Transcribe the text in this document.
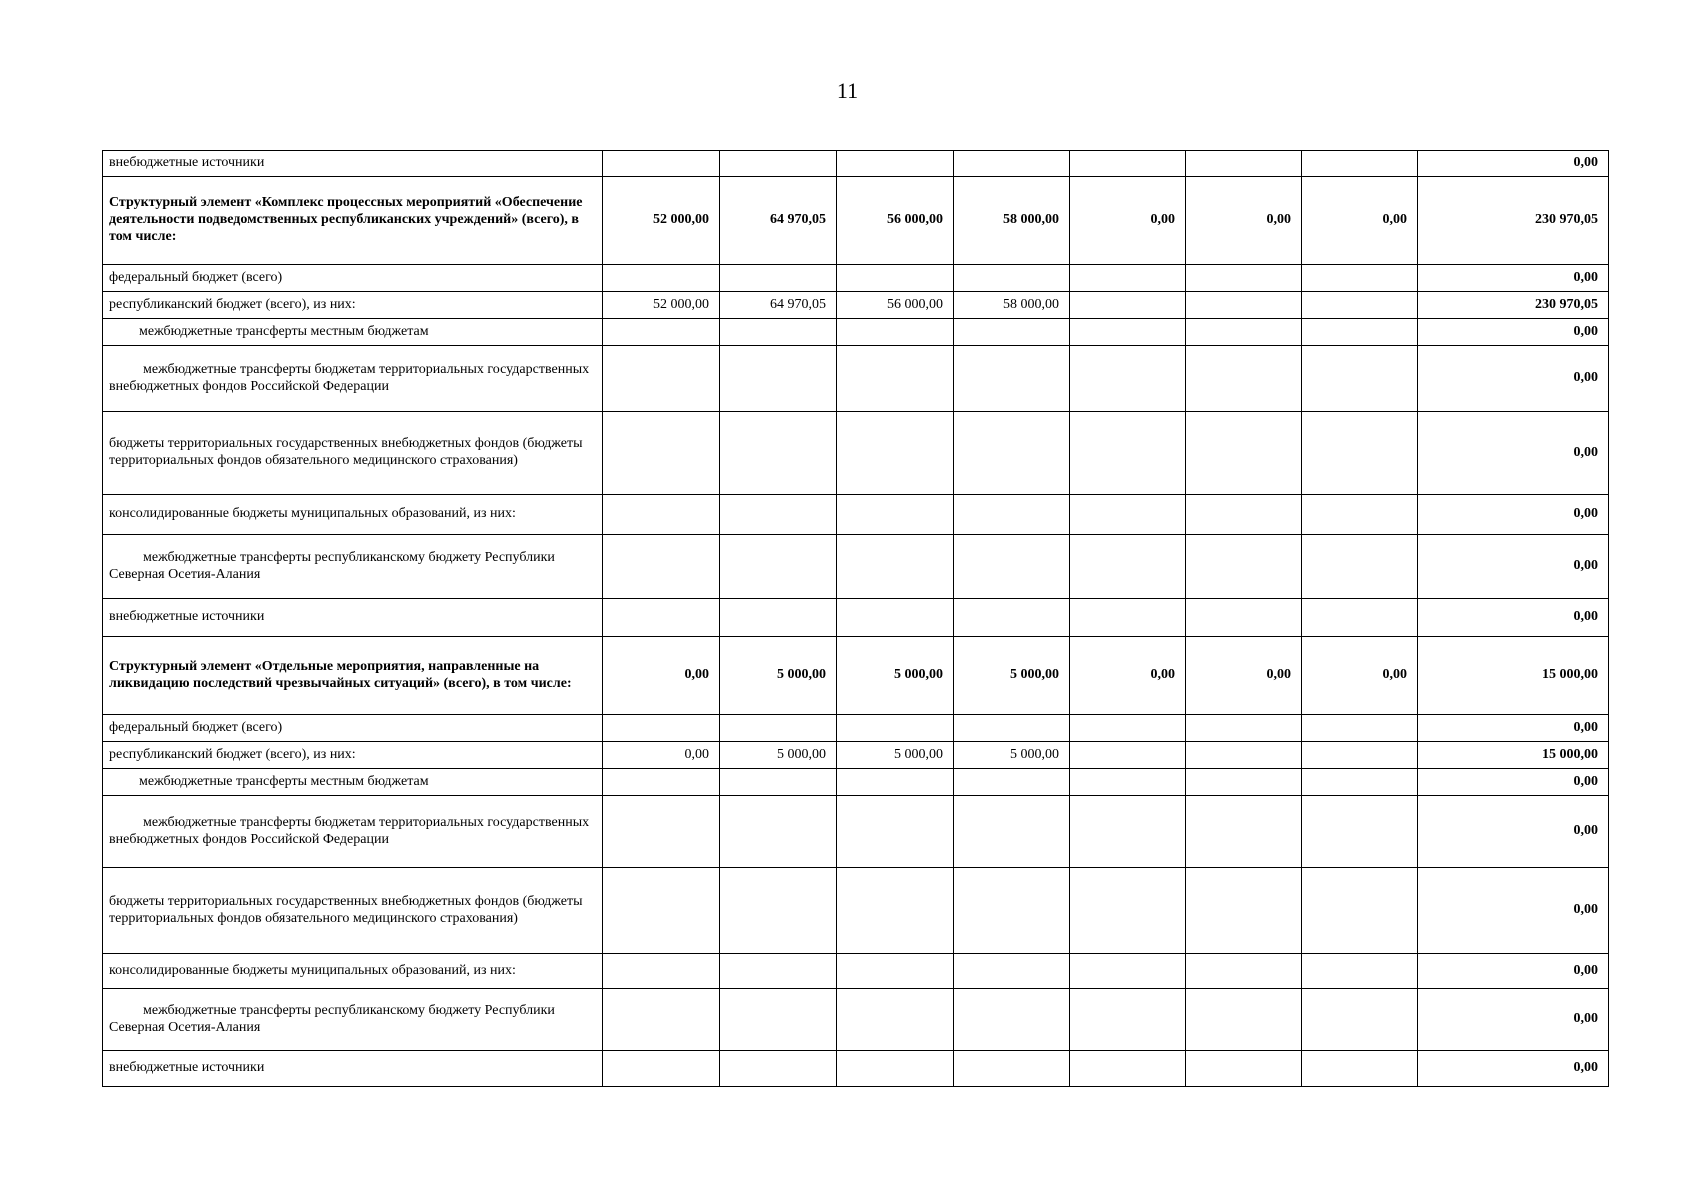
11
внебюджетные источники								0,00
Структурный элемент «Комплекс процессных мероприятий «Обеспечение деятельности подведомственных республиканских учреждений» (всего), в том числе:	52 000,00	64 970,05	56 000,00	58 000,00	0,00	0,00	0,00	230 970,05
федеральный бюджет (всего)								0,00
республиканский бюджет (всего), из них:	52 000,00	64 970,05	56 000,00	58 000,00				230 970,05
межбюджетные трансферты местным бюджетам								0,00
межбюджетные трансферты бюджетам территориальных государственных внебюджетных фондов Российской Федерации								0,00
бюджеты территориальных государственных внебюджетных фондов (бюджеты территориальных фондов обязательного медицинского страхования)								0,00
консолидированные бюджеты муниципальных образований, из них:								0,00
межбюджетные трансферты республиканскому бюджету Республики Северная Осетия-Алания								0,00
внебюджетные источники								0,00
Структурный элемент «Отдельные мероприятия, направленные на ликвидацию последствий чрезвычайных ситуаций» (всего), в том числе:	0,00	5 000,00	5 000,00	5 000,00	0,00	0,00	0,00	15 000,00
федеральный бюджет (всего)								0,00
республиканский бюджет (всего), из них:	0,00	5 000,00	5 000,00	5 000,00				15 000,00
межбюджетные трансферты местным бюджетам								0,00
межбюджетные трансферты бюджетам территориальных государственных внебюджетных фондов Российской Федерации								0,00
бюджеты территориальных государственных внебюджетных фондов (бюджеты территориальных фондов обязательного медицинского страхования)								0,00
консолидированные бюджеты муниципальных образований, из них:								0,00
межбюджетные трансферты республиканскому бюджету Республики Северная Осетия-Алания								0,00
внебюджетные источники								0,00
